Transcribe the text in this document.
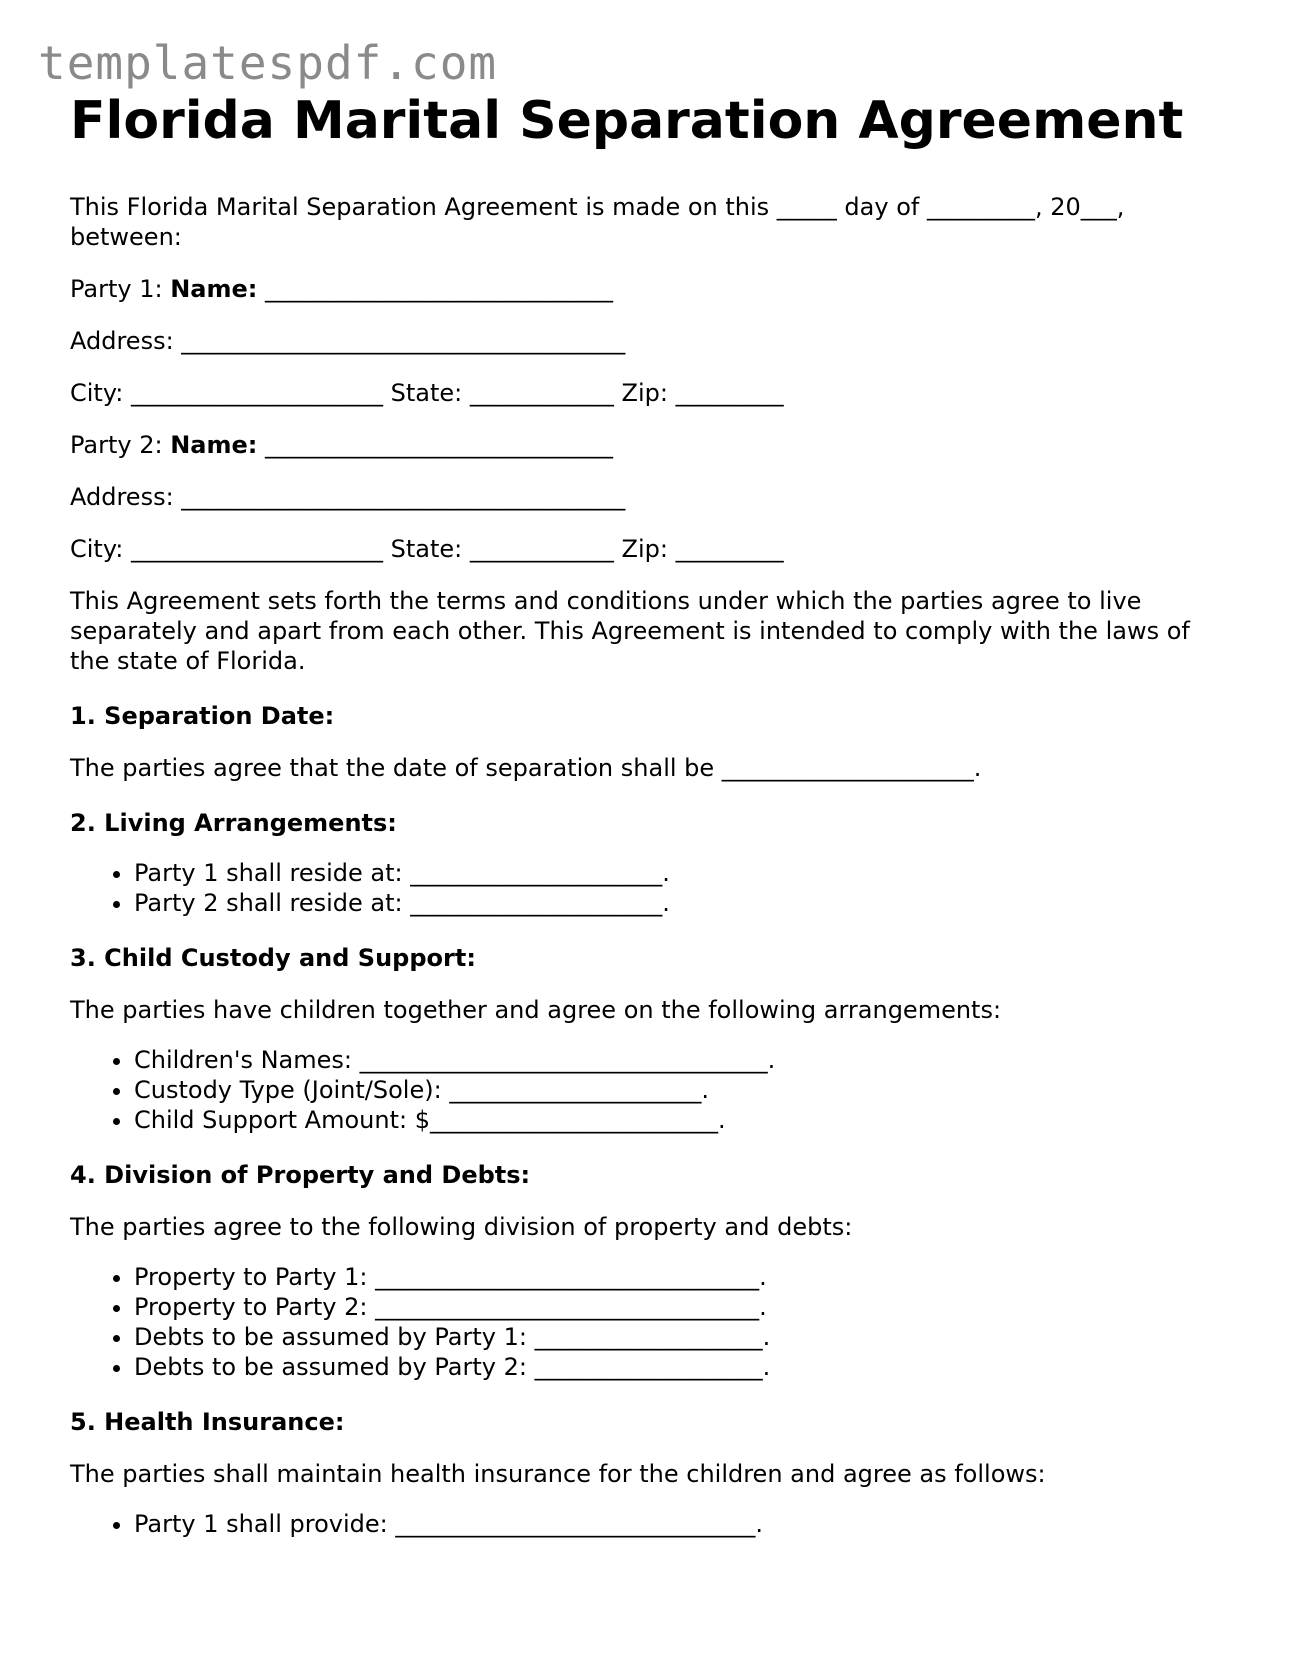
templatespdf.com
Florida Marital Separation Agreement

This Florida Marital Separation Agreement is made on this _____ day of _________, 20___, between:

Party 1: Name: _____________________________

Address: _____________________________________

City: _____________________ State: ____________ Zip: _________

Party 2: Name: _____________________________

Address: _____________________________________

City: _____________________ State: ____________ Zip: _________

This Agreement sets forth the terms and conditions under which the parties agree to live separately and apart from each other. This Agreement is intended to comply with the laws of the state of Florida.

1. Separation Date:

The parties agree that the date of separation shall be _____________________.

2. Living Arrangements:

• Party 1 shall reside at: _____________________.
• Party 2 shall reside at: _____________________.

3. Child Custody and Support:

The parties have children together and agree on the following arrangements:

• Children's Names: __________________________________.
• Custody Type (Joint/Sole): _____________________.
• Child Support Amount: $________________________.

4. Division of Property and Debts:

The parties agree to the following division of property and debts:

• Property to Party 1: ________________________________.
• Property to Party 2: ________________________________.
• Debts to be assumed by Party 1: ___________________.
• Debts to be assumed by Party 2: ___________________.

5. Health Insurance:

The parties shall maintain health insurance for the children and agree as follows:

• Party 1 shall provide: ______________________________.
